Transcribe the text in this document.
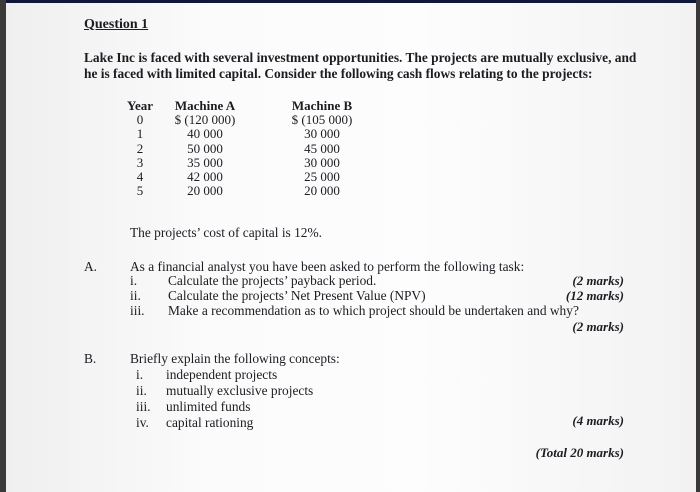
Question 1
Lake Inc is faced with several investment opportunities. The projects are mutually exclusive, and
he is faced with limited capital. Consider the following cash flows relating to the projects:
Year	Machine A		Machine B
0	$ (120 000)		$ (105 000)
1	40 000		30 000
2	50 000		45 000
3	35 000		30 000
4	42 000		25 000
5	20 000		20 000
The projects’ cost of capital is 12%.
A. As a financial analyst you have been asked to perform the following task:
i. Calculate the projects’ payback period.	(2 marks)
ii. Calculate the projects’ Net Present Value (NPV)	(12 marks)
iii. Make a recommendation as to which project should be undertaken and why?
(2 marks)
B.	Briefly explain the following concepts:
i. independent projects
ii. mutually exclusive projects
iii. unlimited funds
iv. capital rationing	(4 marks)
(Total 20 marks)
